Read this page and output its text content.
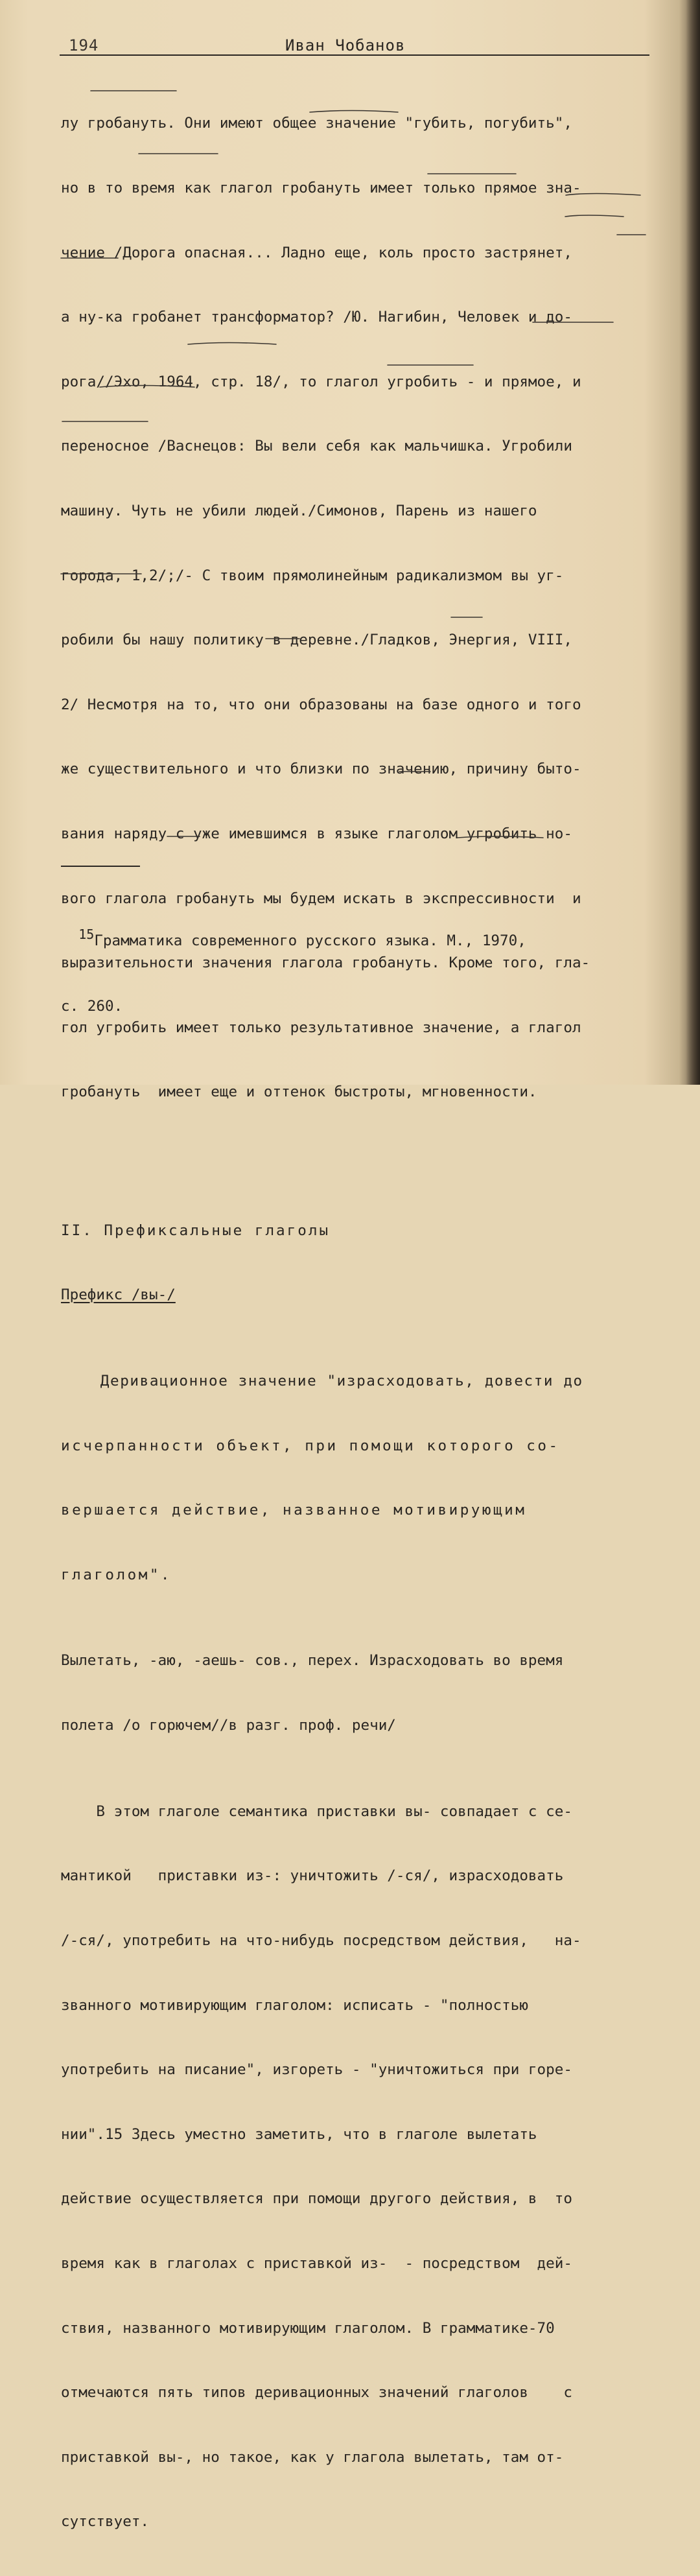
194	Иван Чобанов

лу гробануть. Они имеют общее значение "губить, погубить",

но в то время как глагол гробануть имеет только прямое зна-

чение /Дорога опасная... Ладно еще, коль просто застрянет,

а ну-ка гробанет трансформатор? /Ю. Нагибин, Человек и до-

рога//Эхо, 1964, стр. 18/, то глагол угробить - и прямое, и

переносное /Васнецов: Вы вели себя как мальчишка. Угробили

машину. Чуть не убили людей./Симонов, Парень из нашего

города, 1,2/;/- С твоим прямолинейным радикализмом вы уг-

робили бы нашу политику в деревне./Гладков, Энергия, VIII,

2/ Несмотря на то, что они образованы на базе одного и того

же существительного и что близки по значению, причину быто-

вания наряду с уже имевшимся в языке глаголом угробить но-

вого глагола гробануть мы будем искать в экспрессивности  и

выразительности значения глагола гробануть. Кроме того, гла-

гол угробить имеет только результативное значение, а глагол

гробануть  имеет еще и оттенок быстроты, мгновенности.

II. Префиксальные глаголы

Префикс /вы-/

Деривационное значение "израсходовать, довести до

исчерпанности объект, при помощи которого со-

вершается действие, названное мотивирующим

глаголом".

Вылетать, -аю, -аешь- сов., перех. Израсходовать во время

полета /о горючем//в разг. проф. речи/

В этом глаголе семантика приставки вы- совпадает с се-

мантикой   приставки из-: уничтожить /-ся/, израсходовать

/-ся/, употребить на что-нибудь посредством действия,   на-

званного мотивирующим глаголом: исписать - "полностью

употребить на писание", изгореть - "уничтожиться при горе-

нии".15 Здесь уместно заметить, что в глаголе вылетать

действие осуществляется при помощи другого действия, в  то

время как в глаголах с приставкой из-  - посредством  дей-

ствия, названного мотивирующим глаголом. В грамматике-70

отмечаются пять типов деривационных значений глаголов    с

приставкой вы-, но такое, как у глагола вылетать, там от-

сутствует.

15Грамматика современного русского языка. М., 1970,

с. 260.
